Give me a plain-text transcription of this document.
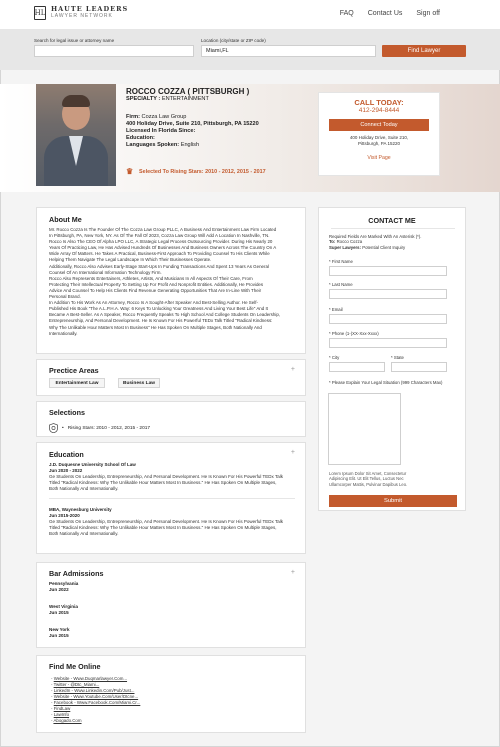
HL HAUTE LEADERS
LAWYER NETWORK	FAQ Contact Us Sign off
Search for legal issue or attorney name	Location (city/state or ZIP code)
Miami,FL	Find Lawyer
ROCCO COZZA ( PITTSBURGH )
SPECIALTY : ENTERTAINMENT
Firm: Cozza Law Group
400 Holiday Drive, Suite 210, Pittsburgh, PA 15220
Licensed In Florida Since:
Education:
Languages Spoken: English
♛ Selected To Rising Stars: 2010 - 2012, 2015 - 2017
CALL TODAY:
412-294-8444
Connect Today
400 Holiday Drive, Suite 210,
Pittsburgh, PA 15220
Visit Page
About Me
Mr. Rocco Cozza Is The Founder Of The Cozza Law Group PLLC, A Business And Entertainment Law Firm Located
In Pittsburgh, PA, New York, NY. As Of The Fall Of 2023, Cozza Law Group Will Add A Location In Nashville, TN.
Rocco Is Also The CEO Of Alpha LPO LLC, A Strategic Legal Process Outsourcing Provider. During His Nearly 20
Years Of Practicing Law, He Has Advised Hundreds Of Businesses And Business Owners Across The Country On A
Wide Array Of Matters. He Takes A Practical, Business-First Approach To Providing Counsel To His Clients While
Helping Them Navigate The Legal Landscape In Which Their Businesses Operate.
Additionally, Rocco Also Advises Early-Stage Start-Ups In Funding Transactions And Spent 13 Years As General
Counsel Of An International Information Technology Firm.
Rocco Also Represents Entertainers, Athletes, Artists, And Musicians In All Aspects Of Their Care, From
Protecting Their Intellectual Property To Setting Up For Profit And Nonprofit Entities. Additionally, He Provides
Advice And Counsel To Help His Clients Find Revenue Generating Opportunities That Are In-Line With Their
Personal Brand.
In Addition To His Work As An Attorney, Rocco Is A Sought-After Speaker And Best-Selling Author. He Self-
Published His Book "The A.L.P.H.A. Way: 6 Keys To Unlocking Your Greatness And Living Your Best Life" And It
Became A Best-Seller. As A Speaker, Rocco Frequently Speaks To High School And College Students On Leadership,
Entrepreneurship, And Personal Development. He Is Known For His Powerful TEDx Talk Titled "Radical Kindness:
Why The Unlikable Hour Matters Most In Business" He Has Spoken On Multiple Stages, Both Nationally And
Internationally.
Prectice Areas	+
Entertainment Law	Business Law
Selections
• Rising Stars: 2010 - 2012, 2015 - 2017
Education	+
J.D. Duquesne University School Of Law
Jun 2020 - 2022
Ge Students On Leadership, Entrepreneurship, And Personal Development. He Is Known For His Powerful TEDx Talk
Titled "Radical Kindness: Why The Unlikable Hour Matters Most In Business." He Has Spoken On Multiple Stages,
Both Nationally And Internationally.
MBA, Waynesburg University
Jun 2015-2020
Ge Students On Leadership, Entrepreneurship, And Personal Development. He Is Known For His Powerful TEDx Talk
Titled "Radical Kindness: Why The Unlikable Hour Matters Most In Business." He Has Spoken On Multiple Stages,
Both Nationally And Internationally.
Bar Admissions	+
Pennsylvania
Jun 2022
West Virginia
Jun 2015
New York
Jun 2015
Find Me Online
- Website - Www.Duqmarlawyer.Com...
- Twitter - @Dtc_Miami...
- LinkedIn - Www.Linkedin.Com/Pub/Just...
- Website - Www.Youtube.Com/User/Dtcne...
- Facebook - Www.Facebook.Com/Miami.Cr...
- FindLaw
- LawInfo
- Abogado.Com
CONTACT ME
Required Fields Are Marked With An Asterisk (*).
To: Rocco Cozza
Super Lawyers: Potential Client Inquiry
* First Name
* Last Name
* Email
* Phone (1-(XX-Xxx-Xxxx)
* City	* State
* Please Explain Your Legal Situation (999 Characters Max)
Lorem Ipsum Dolor Sit Amet, Consectetur
Adipiscing Elit. Ut Elit Tellus, Luctus Nec
Ullamcorper Mattis, Pulvinar Dapibus Leo.
Submit
